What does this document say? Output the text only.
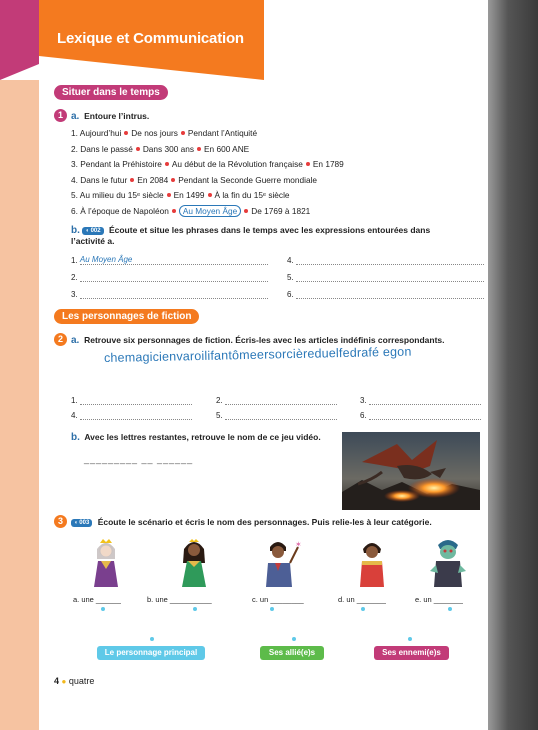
Lexique et Communication
Situer dans le temps
1 a. Entoure l’intrus.
1. Aujourd’hui De nos jours Pendant l’Antiquité
2. Dans le passé Dans 300 ans En 600 ANE
3. Pendant la Préhistoire Au début de la Révolution française En 1789
4. Dans le futur En 2084 Pendant la Seconde Guerre mondiale
5. Au milieu du 15ᵉ siècle En 1499 À la fin du 15ᵉ siècle
6. À l’époque de Napoléon Au Moyen Âge De 1769 à 1821
b. ◖ 002 Écoute et situe les phrases dans le temps avec les expressions entourées dans
l’activité a.
1. Au Moyen Âge
2.
3.
4.
5.
6.
Les personnages de fiction
2 a. Retrouve six personnages de fiction. Écris-les avec les articles indéfinis correspondants.
chemagicienvaroilifantômeersorcièreduelfedrafé egon
1.	2.	3.
4.	5.	6.
b. Avec les lettres restantes, retrouve le nom de ce jeu vidéo.
_________ __ ______
3	◖ 003 Écoute le scénario et écris le nom des personnages. Puis relie-les à leur catégorie.
✶
a. une ______	b. une __________	c. un ________	d. un _______	e. un _______
Le personnage principal	Ses allié(e)s	Ses ennemi(e)s
4 ● quatre
